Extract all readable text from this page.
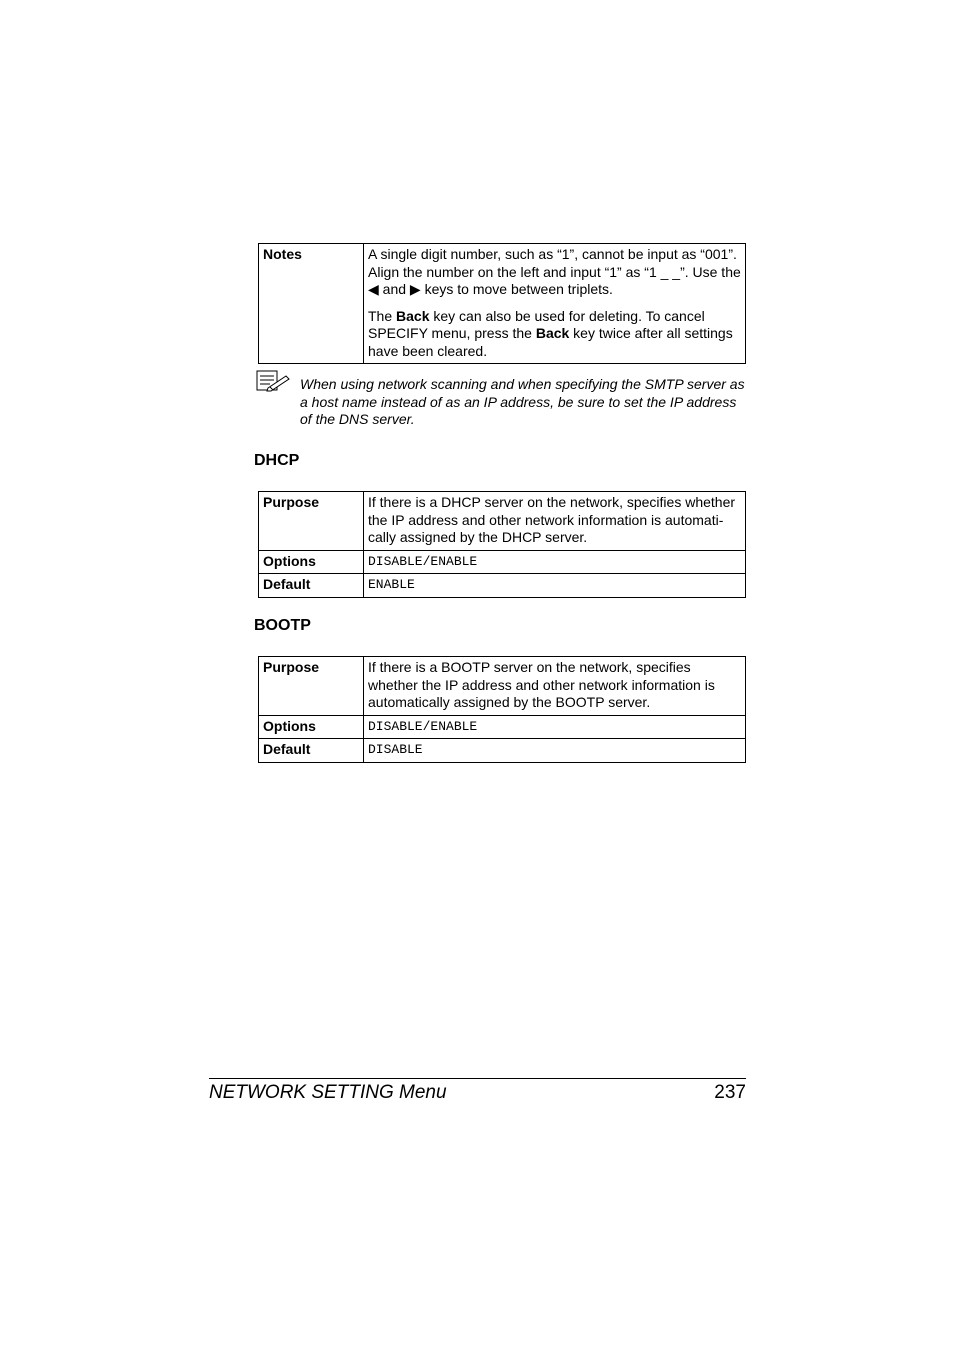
Notes	A single digit number, such as “1”, cannot be input as “001”. Align the number on the left and input “1” as “1 _ _”. Use the ◀ and ▶ keys to move between triplets.

The Back key can also be used for deleting. To cancel SPECIFY menu, press the Back key twice after all settings have been cleared.

When using network scanning and when specifying the SMTP server as a host name instead of as an IP address, be sure to set the IP address of the DNS server.
DHCP
Purpose	If there is a DHCP server on the network, specifies whether the IP address and other network information is automati-cally assigned by the DHCP server.
Options	DISABLE/ENABLE
Default	ENABLE
BOOTP
Purpose	If there is a BOOTP server on the network, specifies whether the IP address and other network information is automatically assigned by the BOOTP server.
Options	DISABLE/ENABLE
Default	DISABLE
NETWORK SETTING Menu	237
